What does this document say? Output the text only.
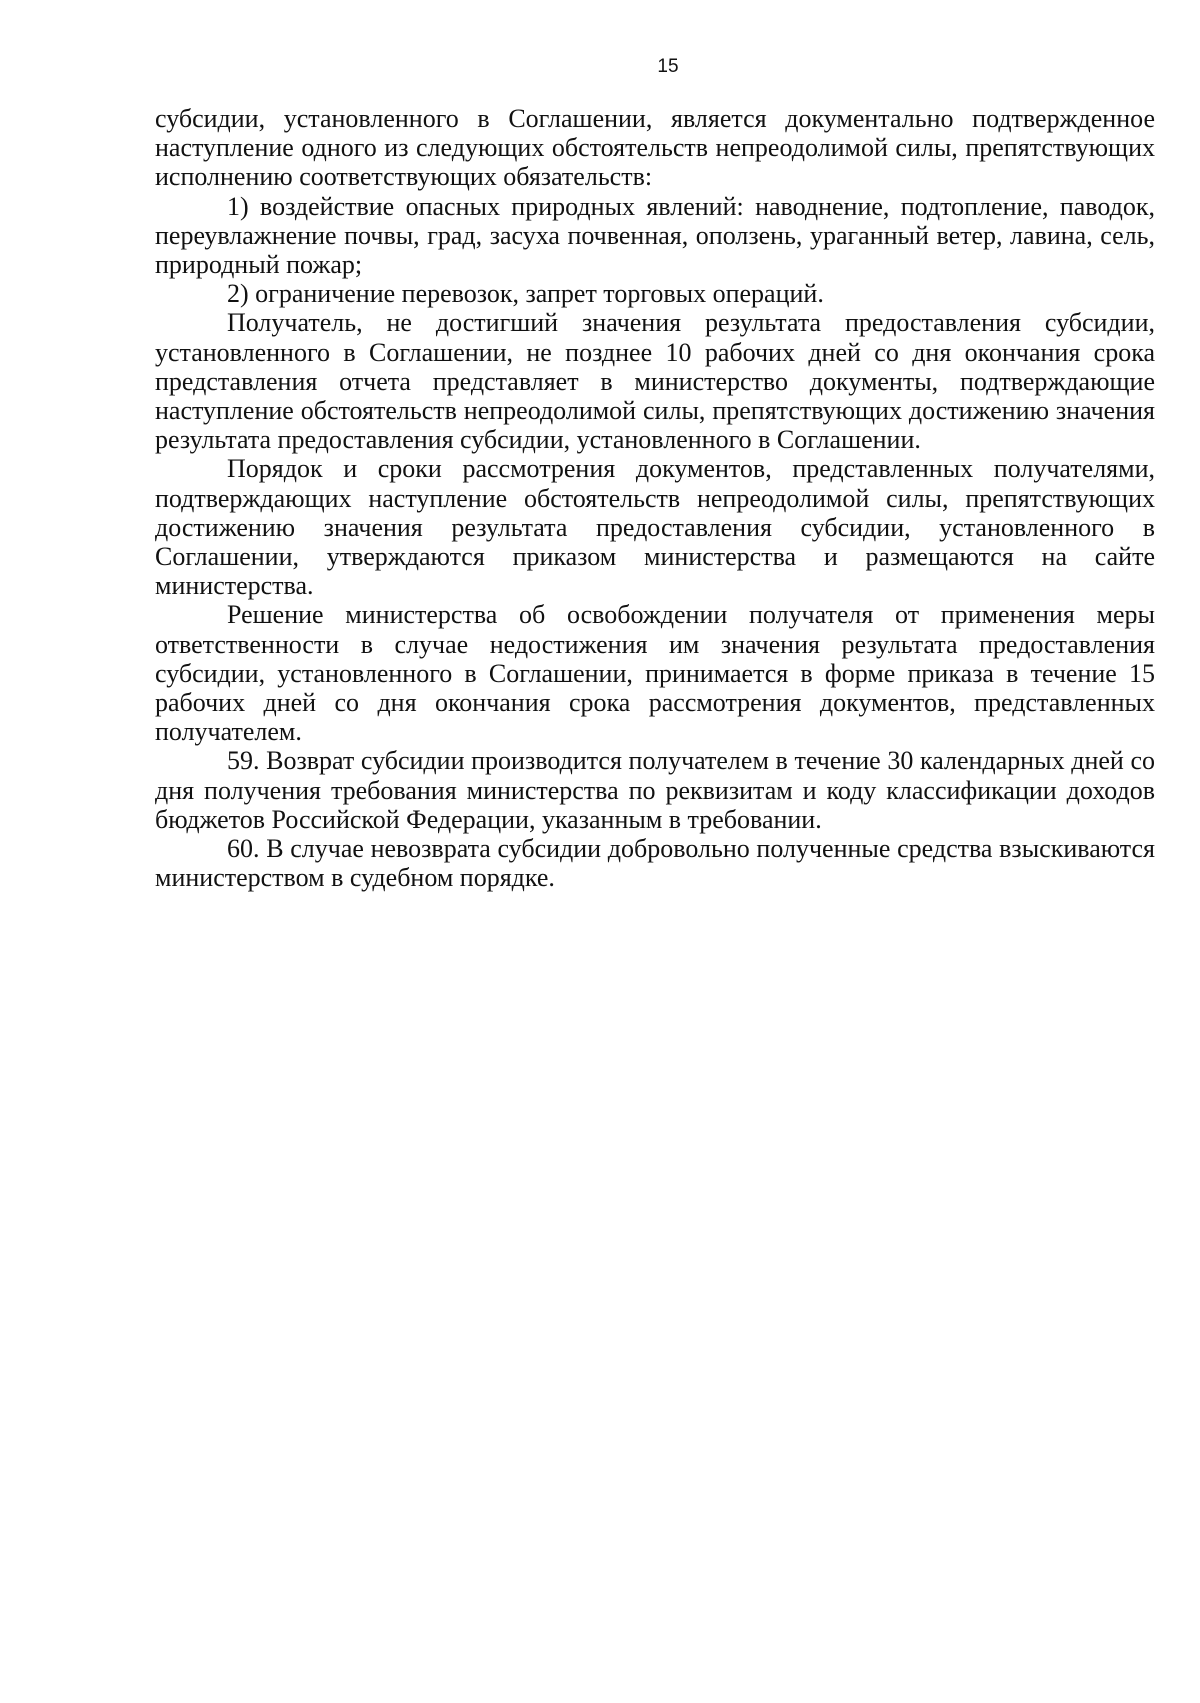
15

субсидии, установленного в Соглашении, является документально подтвержденное наступление одного из следующих обстоятельств непреодолимой силы, препятствующих исполнению соответствующих обязательств:

1) воздействие опасных природных явлений: наводнение, подтопление, паводок, переувлажнение почвы, град, засуха почвенная, оползень, ураганный ветер, лавина, сель, природный пожар;

2) ограничение перевозок, запрет торговых операций.

Получатель, не достигший значения результата предоставления субсидии, установленного в Соглашении, не позднее 10 рабочих дней со дня окончания срока представления отчета представляет в министерство документы, подтверждающие наступление обстоятельств непреодолимой силы, препятствующих достижению значения результата предоставления субсидии, установленного в Соглашении.

Порядок и сроки рассмотрения документов, представленных получателями, подтверждающих наступление обстоятельств непреодолимой силы, препятствующих достижению значения результата предоставления субсидии, установленного в Соглашении, утверждаются приказом министерства и размещаются на сайте министерства.

Решение министерства об освобождении получателя от применения меры ответственности в случае недостижения им значения результата предоставления субсидии, установленного в Соглашении, принимается в форме приказа в течение 15 рабочих дней со дня окончания срока рассмотрения документов, представленных получателем.

59. Возврат субсидии производится получателем в течение 30 календарных дней со дня получения требования министерства по реквизитам и коду классификации доходов бюджетов Российской Федерации, указанным в требовании.

60. В случае невозврата субсидии добровольно полученные средства взыскиваются министерством в судебном порядке.
